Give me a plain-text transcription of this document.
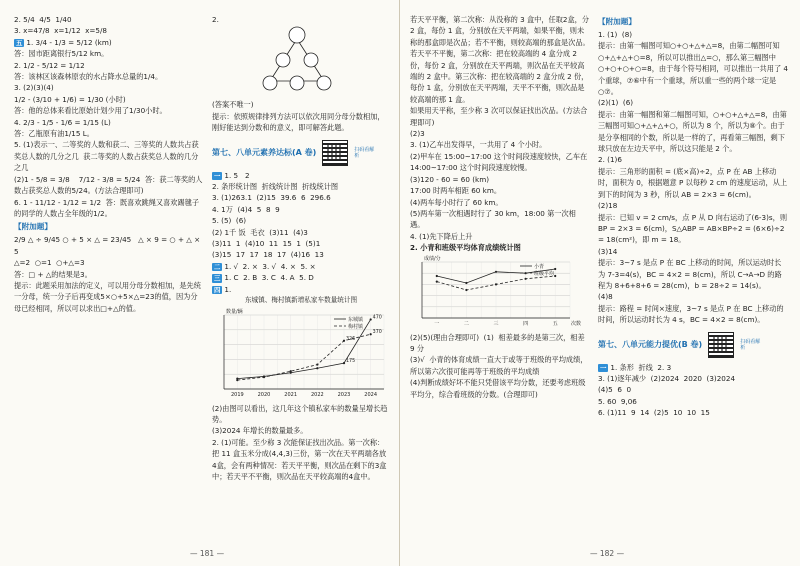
2. 5/4  4/5  1/40
3. x=47/8  x=1/12  x=5/8
五 1. 3/4 - 1/3 = 5/12 (km)
答：园市距离银行5/12 km。
2. 1/2 - 5/12 = 1/12
答：该林区该森林原农的水占降水总量的1/4。
3. (2)(3)(4)
1/2 - (3/10 + 1/6) = 1/30 (小时)
答：他的总体来看比原始计划少用了1/30小时。
4. 2/3 - 1/5 - 1/6 = 1/15 (L)
答：乙瓶原有油1/15 L。
5. (1)表示一、二等奖的人数和获二、三等奖的人数共占获奖总人数的几分之几  获二等奖的人数占获奖总人数的几分之几
(2)1 - 5/8 = 3/8    7/12 - 3/8 = 5/24  答：获二等奖的人数占获奖总人数的5/24。(方法合理即可)
6. 1 - 11/12 - 1/12 = 1/2  答：既喜欢跳绳又喜欢踢毽子的同学的人数占全年级的1/2。
【附加题】
2/9 △ ÷ 9/45 ○ + 5 × △ = 23/45   △ × 9 = ○ + △ × 5
△=2  ○=1  ○+△=3
答：□ + △的结果是3。
提示：此题采用加法的定义，可以用分母分数相加，是先统一分母，统一分子后再变成5×○+5×△=23的值，因为分母已经相同，所以可以求出□+△的值。
2.
(答案不唯一)
提示：依照规律排列方法可以依次用同分母分数相加，刚好能达到分数和的意义，即可解答此题。
第七、八单元素养达标(A 卷)	扫码看解析
一 1. 5   2
2. 条形统计图  折线统计图  折线统计图
3. (1)263.1  (2)15  39.6  6  296.6
4. 1万  (4)4  5  8  9
5. (5)  (6)
(2) 1千 饭  毛衣  (3)11  (4)3
(3)11  1  (4)10  11  15  1  (5)1
(3)15  17  17  18  17  (4)16  13
二 1. √  2. ×  3. √  4. ×  5. ×
三 1. C  2. B  3. C  4. A  5. D
四 1.
东城镇、梅村镇新增私家车数量统计图
2019	2020	2021	2022	2023	2024
数量/辆
东城镇
梅村镇
470
370
326
175
(2)由图可以看出，这几年这个镇私家车的数量呈增长趋势。
(3)2024 年增长的数量最多。
2. (1)可能。至少称 3 次能保证找出次品。第一次称：把 11 盒玉米分成(4,4,3)三份，第一次在天平两端各放4盒，会有两种情况：若天平平衡，则次品在剩下的3盒中；若天平不平衡，则次品在天平较高端的4盒中。
— 181 —
若天平平衡，第二次称：从没称的 3 盒中，任取2盒，分 2 盒，每份 1 盒，分别放在天平两端，如果平衡，则未称的那盒即是次品；若不平衡，则较高端的那盒是次品。若天平不平衡，第二次称：把在较高端的 4 盒分成 2 份，每份 2 盒，分别放在天平两端，则次品在天平较高端的 2 盒中。第三次称：把在较高端的 2 盒分成 2 份，每份 1 盒，分别放在天平两端，天平不平衡，则次品是较高端的那 1 盒。
如果用天平称，至少称 3 次可以保证找出次品。(方法合理即可)
(2)3
3. (1)乙车出发得早，一共用了 4 个小时。
(2)甲车在 15:00~17:00 这个时间段速度较快，乙车在 14:00~17:00 这个时间段速度较慢。
(3)120 - 60 = 60 (km)
17:00 时两车相距 60 km。
(4)两车每小时行了 60 km。
(5)两车第一次相遇时行了 30 km，18:00 第一次相遇。
4. (1)先下降后上升
2. 小青和班级平均体育成绩统计图
一	二	三	四	五
成绩/分
次数
小青
班级平均
(2)(5)(理由合理即可)  (1)  相差最多的是第三次，相差 9 分
(3)√  小青的体育成绩一直大于或等于班级的平均成绩，所以第六次很可能再等于班级的平均成绩
(4)判断成绩好坏不能只凭借该平均分数，还要考虑班级平均分，综合看班级的分数。(合理即可)
【附加题】
1. (1)  (8)
提示：由第一幅图可知○+○+△+△=8，由第二幅图可知○+△+△+○=8，所以可以推出△=○，那么第三幅图中○+○+○+○=8，由于每个符号相同，可以推出一共用了 4 个重球，⑦⑥中有一个重球，所以重一些的两个球一定是○⑦。
(2)(1)  (6)
提示：由第一幅图和第二幅图可知，○+○+△+△=8，由第三幅图可知○+△+△+○，所以为 8 个，所以为⑧个。由于是分享相同的个数，所以是一样的了，再看第三幅图，剩下球只放在左边天平中，所以这只能是 2 个。
2. (1)6
提示：三角形的面积 = (底×高)÷2，点 P 在 AB 上移动时，面积为 0，根据题意 P 以每秒 2 cm 的速度运动，从上到下的时间为 3 秒，所以 AB = 2×3 = 6(cm)。
(2)18
提示：已知 v = 2 cm/s，点 P 从 D 向右运动了(6-3)s，则 BP = 2×3 = 6(cm)，S△ABP = AB×BP÷2 = (6×6)÷2 = 18(cm²)，即 m = 18。
(3)14
提示：3~7 s 是点 P 在 BC 上移动的时间，所以运动时长为 7-3=4(s)，BC = 4×2 = 8(cm)，所以 C→A→D 的路程为 8+6+8+6 = 28(cm)，b = 28÷2 = 14(s)。
(4)8
提示：路程 = 时间×速度，3~7 s 是点 P 在 BC 上移动的时间，所以运动时长为 4 s，BC = 4×2 = 8(cm)。
第七、八单元能力提优(B 卷)	扫码看解析
一 1. 条形  折线  2. 3
3. (1)逐年减少  (2)2024  2020  (3)2024
(4)5  6  0
5. 60  9,06
6. (1)11  9  14  (2)5  10  10  15
— 182 —
